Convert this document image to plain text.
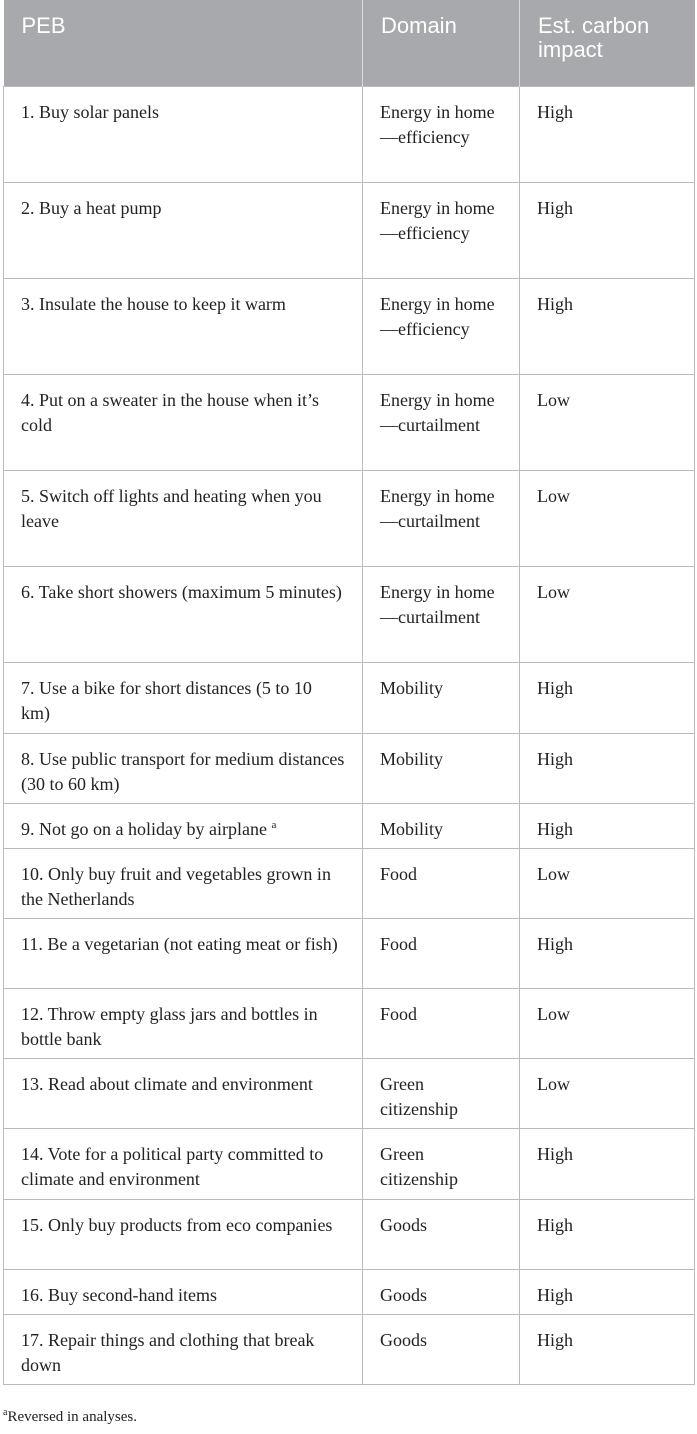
PEB	Domain	Est. carbon impact
1. Buy solar panels	Energy in home—efficiency	High
2. Buy a heat pump	Energy in home—efficiency	High
3. Insulate the house to keep it warm	Energy in home—efficiency	High
4. Put on a sweater in the house when it’s cold	Energy in home—curtailment	Low
5. Switch off lights and heating when you leave	Energy in home—curtailment	Low
6. Take short showers (maximum 5 minutes)	Energy in home—curtailment	Low
7. Use a bike for short distances (5 to 10 km)	Mobility	High
8. Use public transport for medium distances (30 to 60 km)	Mobility	High
9. Not go on a holiday by airplane $^a$	Mobility	High
10. Only buy fruit and vegetables grown in the Netherlands	Food	Low
11. Be a vegetarian (not eating meat or fish)	Food	High
12. Throw empty glass jars and bottles in bottle bank	Food	Low
13. Read about climate and environment	Green citizenship	Low
14. Vote for a political party committed to climate and environment	Green citizenship	High
15. Only buy products from eco companies	Goods	High
16. Buy second-hand items	Goods	High
17. Repair things and clothing that break down	Goods	High
$^a$Reversed in analyses.
